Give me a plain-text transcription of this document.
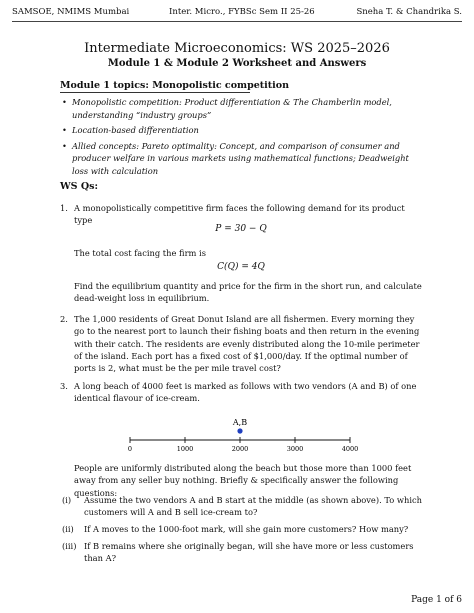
SAMSOE, NMIMS Mumbai	Inter. Micro., FYBSc Sem II 25-26	Sneha T. & Chandrika S.
Intermediate Microeconomics: WS 2025–2026
Module 1 & Module 2 Worksheet and Answers
Module 1 topics: Monopolistic competition
• Monopolistic competition: Product differentiation & The Chamberlin model, understanding “industry groups”
• Location-based differentiation
• Allied concepts: Pareto optimality: Concept, and comparison of consumer and producer welfare in various markets using mathematical functions; Deadweight loss with calculation
WS Qs:
1. A monopolistically competitive firm faces the following demand for its product type
P = 30 − Q
The total cost facing the firm is
C(Q) = 4Q
Find the equilibrium quantity and price for the firm in the short run, and calculate dead-weight loss in equilibrium.
2. The 1,000 residents of Great Donut Island are all fishermen. Every morning they go to the nearest port to launch their fishing boats and then return in the evening with their catch. The residents are evenly distributed along the 10-mile perimeter of the island. Each port has a fixed cost of $1,000/day. If the optimal number of ports is 2, what must be the per mile travel cost?
3. A long beach of 4000 feet is marked as follows with two vendors (A and B) of one identical flavour of ice-cream.
A,B
0	1000	2000	3000	4000
People are uniformly distributed along the beach but those more than 1000 feet away from any seller buy nothing. Briefly & specifically answer the following questions:
(i)	Assume the two vendors A and B start at the middle (as shown above). To which customers will A and B sell ice-cream to?
(ii)	If A moves to the 1000-foot mark, will she gain more customers? How many?
(iii) If B remains where she originally began, will she have more or less customers than A?
Page 1 of 6
